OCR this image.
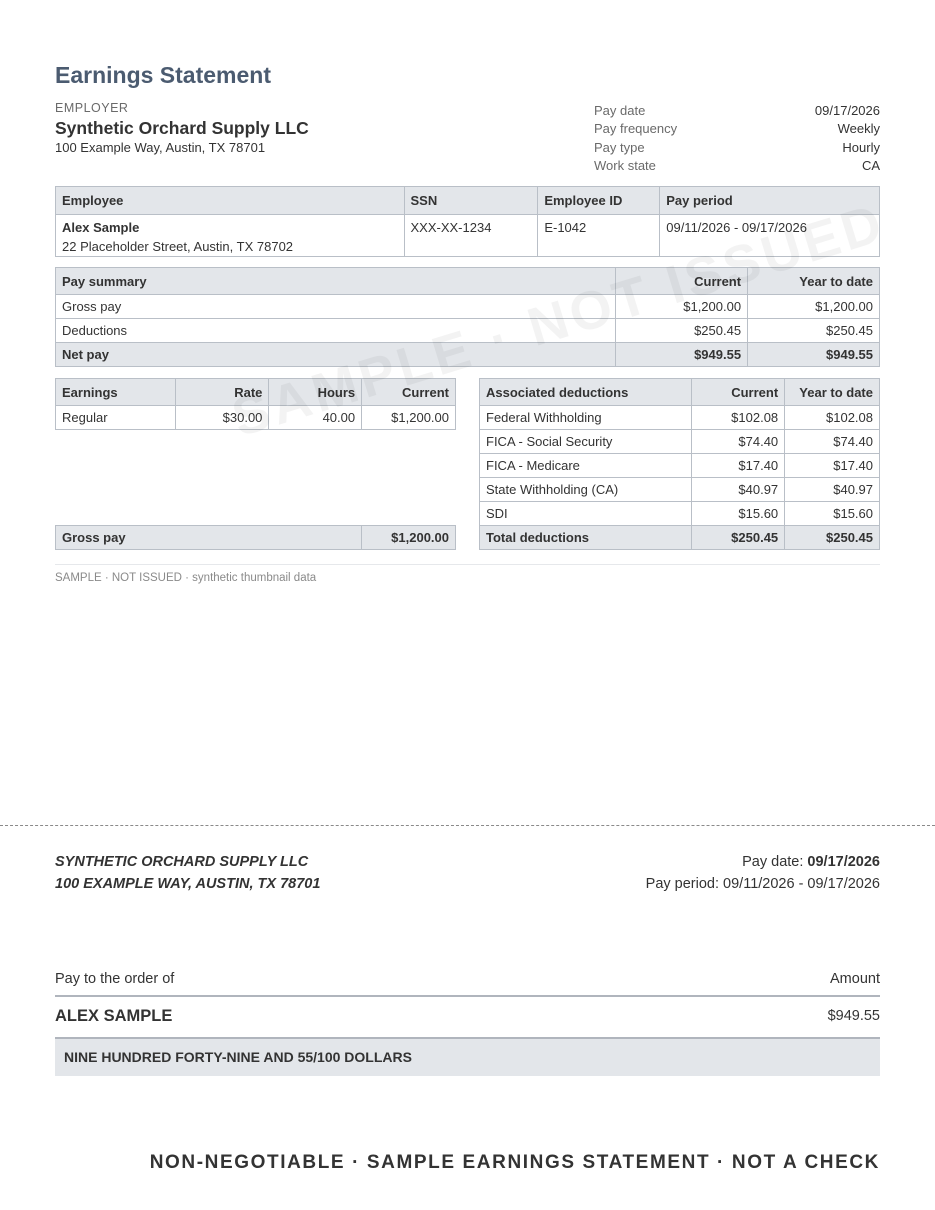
Earnings Statement
EMPLOYER
Synthetic Orchard Supply LLC
100 Example Way, Austin, TX 78701
Pay date	09/17/2026
Pay frequency	Weekly
Pay type	Hourly
Work state	CA
Employee	SSN	Employee ID	Pay period

Alex Sample
22 Placeholder Street, Austin, TX 78702	XXX-XX-1234	E-1042	09/11/2026 - 09/17/2026
Pay summary	Current	Year to date
Gross pay	$1,200.00	$1,200.00
Deductions	$250.45	$250.45
Net pay	$949.55	$949.55
Earnings	Rate	Hours	Current
Regular	$30.00	40.00	$1,200.00

Gross pay			$1,200.00
Associated deductions	Current	Year to date
Federal Withholding	$102.08	$102.08
FICA - Social Security	$74.40	$74.40
FICA - Medicare	$17.40	$17.40
State Withholding (CA)	$40.97	$40.97
SDI	$15.60	$15.60
Total deductions	$250.45	$250.45
SAMPLE · NOT ISSUED · synthetic thumbnail data
SYNTHETIC ORCHARD SUPPLY LLC
100 EXAMPLE WAY, AUSTIN, TX 78701
Pay date: 09/17/2026
Pay period: 09/11/2026 - 09/17/2026
Pay to the order of	Amount
ALEX SAMPLE	$949.55
NINE HUNDRED FORTY-NINE AND 55/100 DOLLARS
NON-NEGOTIABLE · SAMPLE EARNINGS STATEMENT · NOT A CHECK
